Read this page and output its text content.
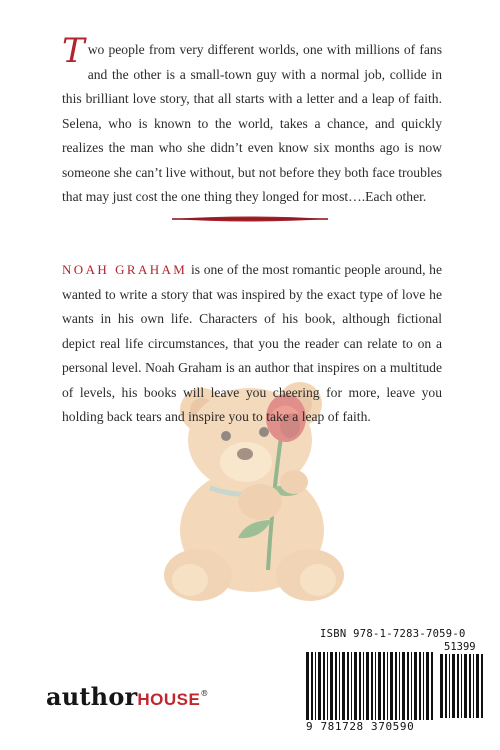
Two people from very different worlds, one with millions of fans and the other is a small-town guy with a normal job, collide in this brilliant love story, that all starts with a letter and a leap of faith. Selena, who is known to the world, takes a chance, and quickly realizes the man who she didn’t even know six months ago is now someone she can’t live without, but not before they both face troubles that may just cost the one thing they longed for most….Each other.
NOAH GRAHAM is one of the most romantic people around, he wanted to write a story that was inspired by the exact type of love he wants in his own life. Characters of his book, although fictional depict real life circumstances, that you the reader can relate to on a personal level. Noah Graham is an author that inspires on a multitude of levels, his books will leave you cheering for more, leave you holding back tears and inspire you to take a leap of faith.
authorHOUSE®
ISBN 978-1-7283-7059-0
51399
9 781728 370590
